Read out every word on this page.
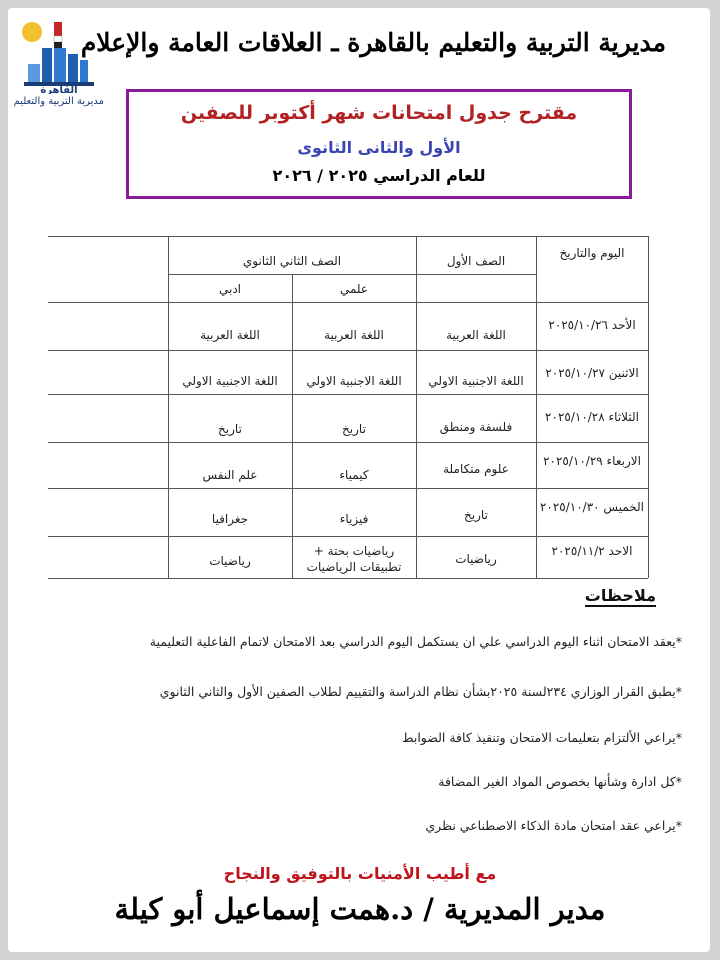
القاهرة
مديرية التربية والتعليم
مديرية التربية والتعليم بالقاهرة ـ العلاقات العامة والإعلام
مقترح جدول امتحانات شهر أكتوبر للصفين
الأول والثانى الثانوى
للعام الدراسي ٢٠٢٥ / ٢٠٢٦
اليوم والتاريخ
الصف الأول
الصف الثاني الثانوي
علمي
ادبي
الأحد ٢٠٢٥/١٠/٢٦
اللغة العربية
اللغة العربية
اللغة العربية
الاثنين ٢٠٢٥/١٠/٢٧
اللغة الاجنبية الاولي
اللغة الاجنبية الاولي
اللغة الاجنبية الاولي
الثلاثاء ٢٠٢٥/١٠/٢٨
فلسفة ومنطق
تاريخ
تاريخ
الاربعاء ٢٠٢٥/١٠/٢٩
علوم متكاملة
كيمياء
علم النفس
الخميس ٢٠٢٥/١٠/٣٠
تاريخ
فيزياء
جغرافيا
الاحد ٢٠٢٥/١١/٢
رياضيات
رياضيات بحتة +
تطبيقات الرياضيات
رياضيات
ملاحظات
*يعقد الامتحان اثناء اليوم الدراسي علي ان يستكمل اليوم الدراسي بعد الامتحان لاتمام الفاعلية التعليمية
*يطبق القرار الوزاري ٢٣٤لسنة ٢٠٢٥بشأن نظام الدراسة والتقييم لطلاب الصفين الأول والثاني الثانوي
*يراعي الألتزام بتعليمات الامتحان وتنفيذ كافة الضوابط
*كل ادارة وشأنها بخصوص المواد الغير المضافة
*يراعي عقد امتحان مادة الذكاء الاصطناعي نظري
مع أطيب الأمنيات بالتوفيق والنجاح
مدير المديرية / د.همت إسماعيل أبو كيلة
